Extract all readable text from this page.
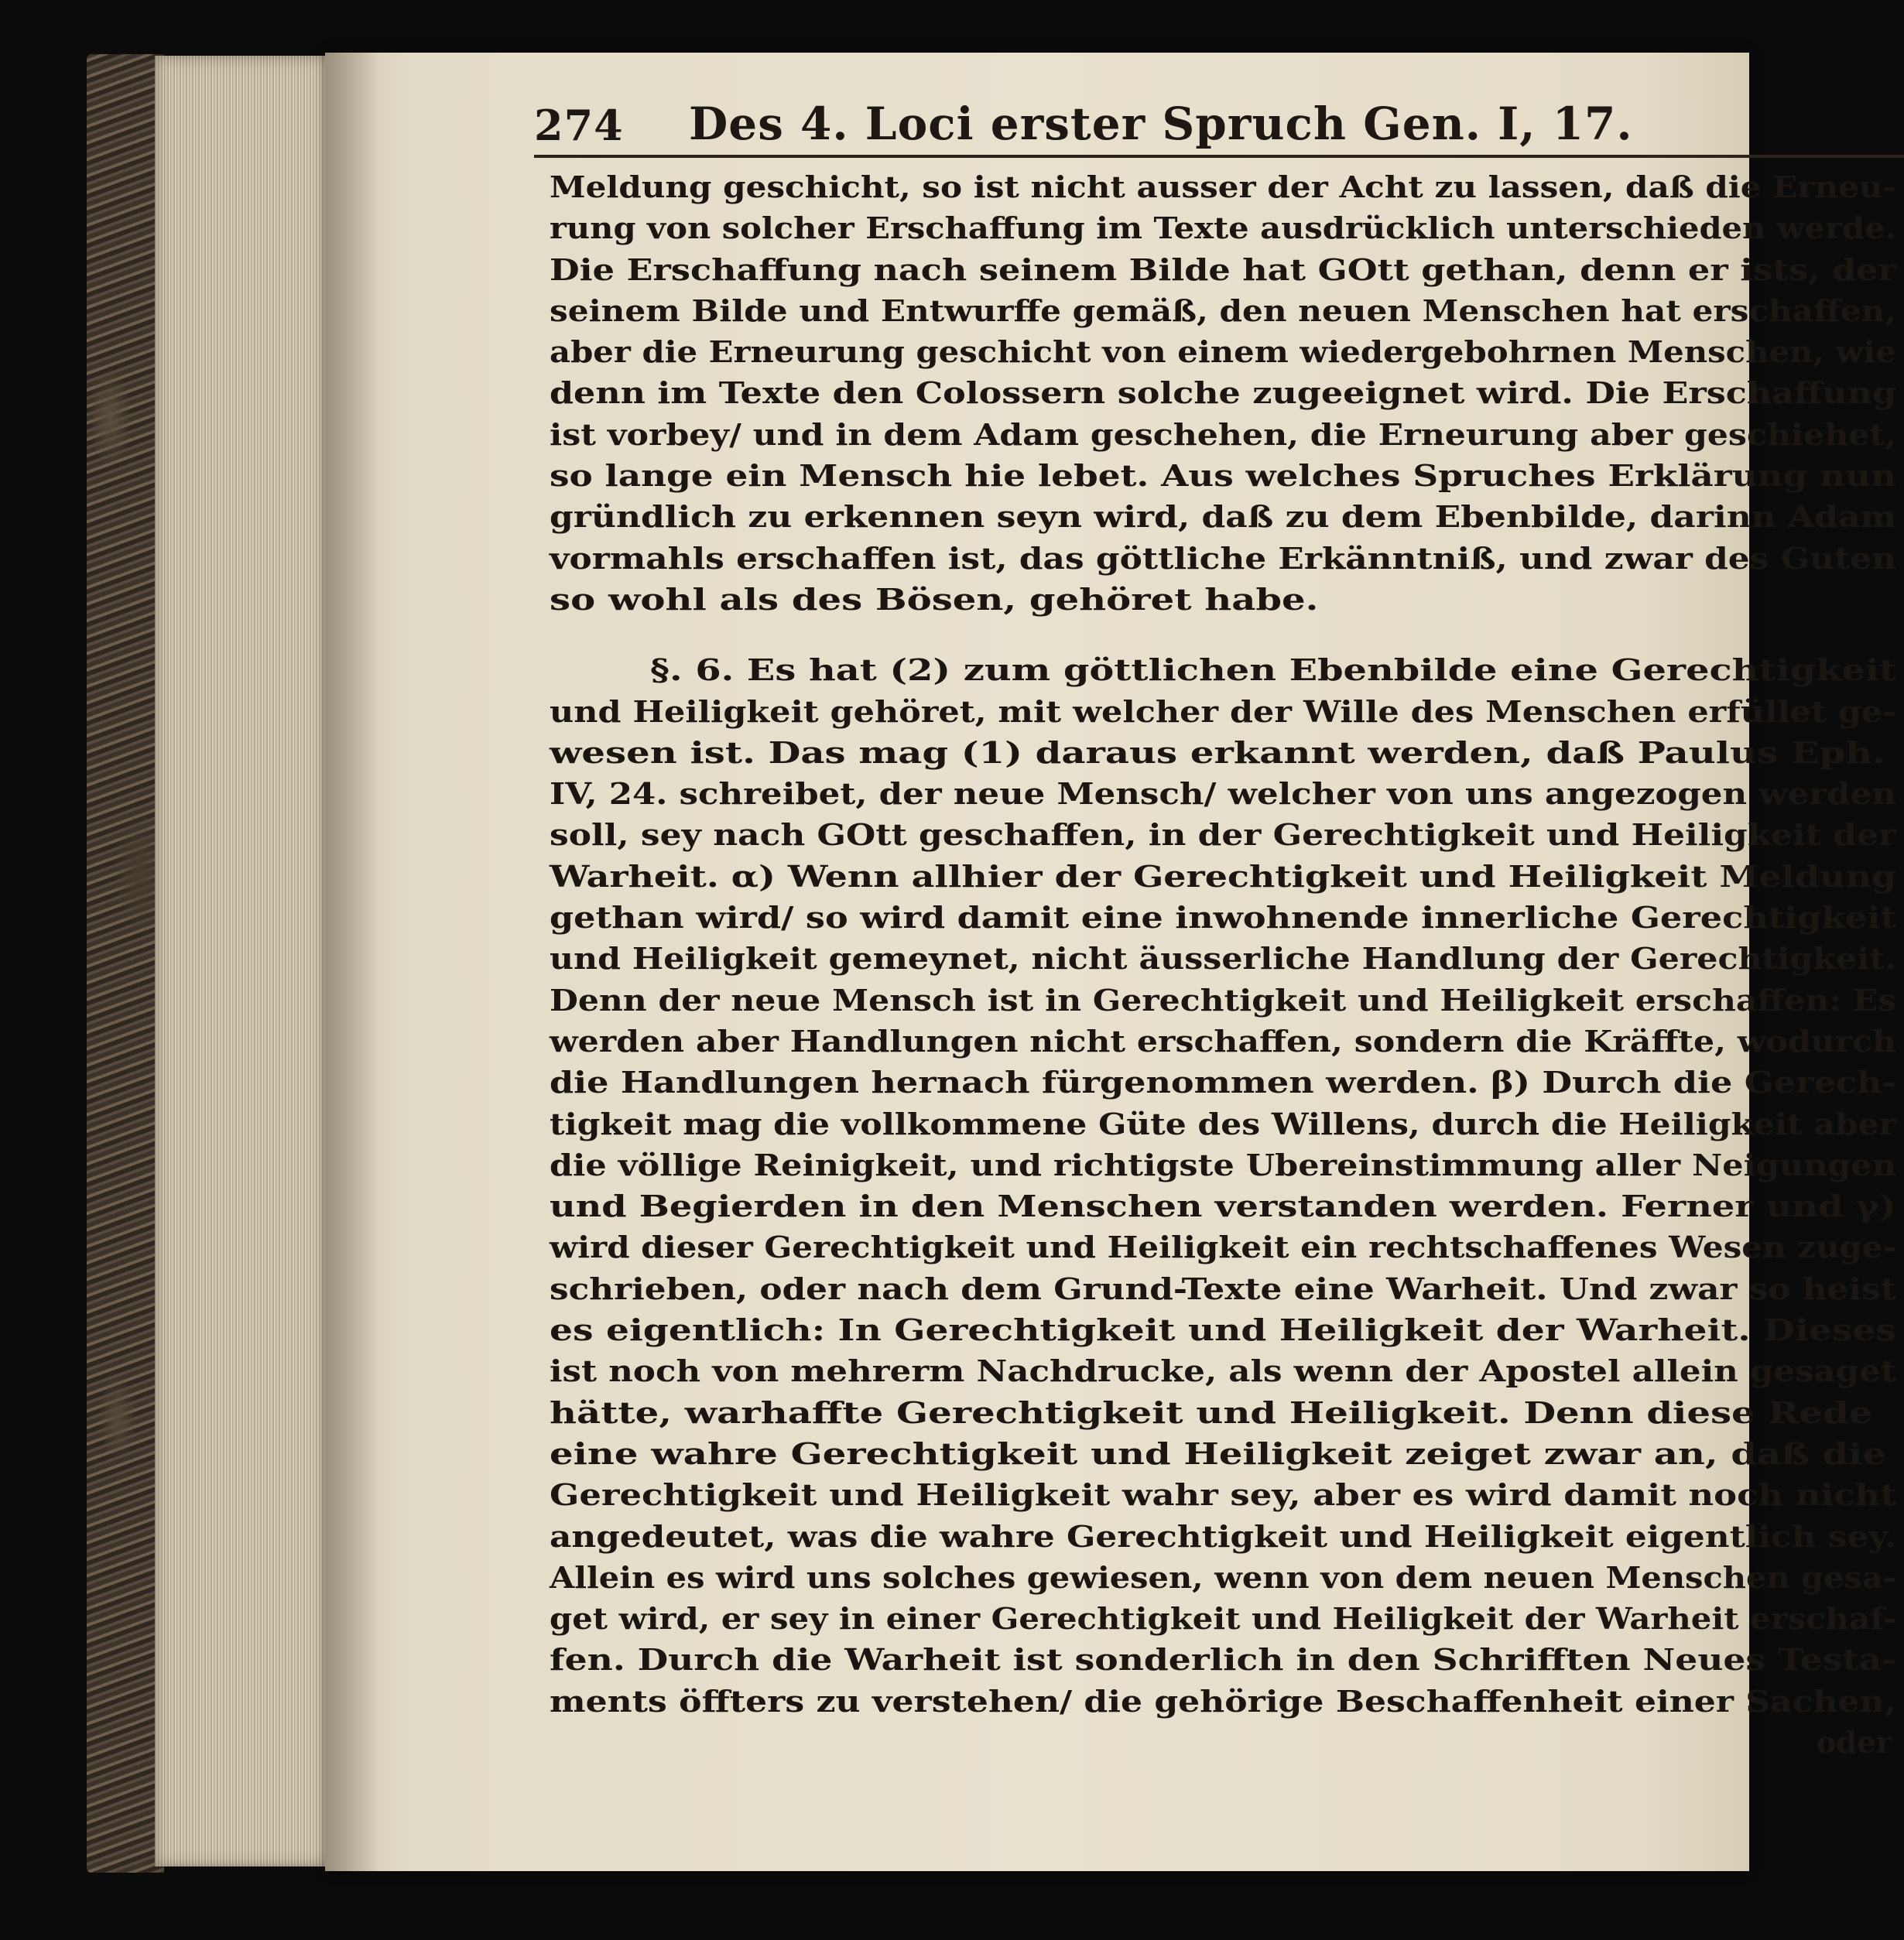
274 Des 4. Loci erster Spruch Gen. I, 17.
Meldung geschicht, so ist nicht ausser der Acht zu lassen, daß die Erneu-
rung von solcher Erschaffung im Texte ausdrücklich unterschieden werde.
Die Erschaffung nach seinem Bilde hat GOtt gethan, denn er ists, der
seinem Bilde und Entwurffe gemäß, den neuen Menschen hat erschaffen,
aber die Erneurung geschicht von einem wiedergebohrnen Menschen, wie
denn im Texte den Colossern solche zugeeignet wird. Die Erschaffung
ist vorbey/ und in dem Adam geschehen, die Erneurung aber geschiehet,
so lange ein Mensch hie lebet. Aus welches Spruches Erklärung nun
gründlich zu erkennen seyn wird, daß zu dem Ebenbilde, darinn Adam
vormahls erschaffen ist, das göttliche Erkänntniß, und zwar des Guten
so wohl als des Bösen, gehöret habe.
§. 6. Es hat (2) zum göttlichen Ebenbilde eine Gerechtigkeit
und Heiligkeit gehöret, mit welcher der Wille des Menschen erfüllet ge-
wesen ist. Das mag (1) daraus erkannt werden, daß Paulus Eph.
IV, 24. schreibet, der neue Mensch/ welcher von uns angezogen werden
soll, sey nach GOtt geschaffen, in der Gerechtigkeit und Heiligkeit der
Warheit. α) Wenn allhier der Gerechtigkeit und Heiligkeit Meldung
gethan wird/ so wird damit eine inwohnende innerliche Gerechtigkeit
und Heiligkeit gemeynet, nicht äusserliche Handlung der Gerechtigkeit.
Denn der neue Mensch ist in Gerechtigkeit und Heiligkeit erschaffen: Es
werden aber Handlungen nicht erschaffen, sondern die Kräffte, wodurch
die Handlungen hernach fürgenommen werden. β) Durch die Gerech-
tigkeit mag die vollkommene Güte des Willens, durch die Heiligkeit aber
die völlige Reinigkeit, und richtigste Ubereinstimmung aller Neigungen
und Begierden in den Menschen verstanden werden. Ferner und γ)
wird dieser Gerechtigkeit und Heiligkeit ein rechtschaffenes Wesen zuge-
schrieben, oder nach dem Grund-Texte eine Warheit. Und zwar so heist
es eigentlich: In Gerechtigkeit und Heiligkeit der Warheit. Dieses
ist noch von mehrerm Nachdrucke, als wenn der Apostel allein gesaget
hätte, warhaffte Gerechtigkeit und Heiligkeit. Denn diese Rede
eine wahre Gerechtigkeit und Heiligkeit zeiget zwar an, daß die
Gerechtigkeit und Heiligkeit wahr sey, aber es wird damit noch nicht
angedeutet, was die wahre Gerechtigkeit und Heiligkeit eigentlich sey.
Allein es wird uns solches gewiesen, wenn von dem neuen Menschen gesa-
get wird, er sey in einer Gerechtigkeit und Heiligkeit der Warheit erschaf-
fen. Durch die Warheit ist sonderlich in den Schrifften Neues Testa-
ments öffters zu verstehen/ die gehörige Beschaffenheit einer Sachen,
oder
